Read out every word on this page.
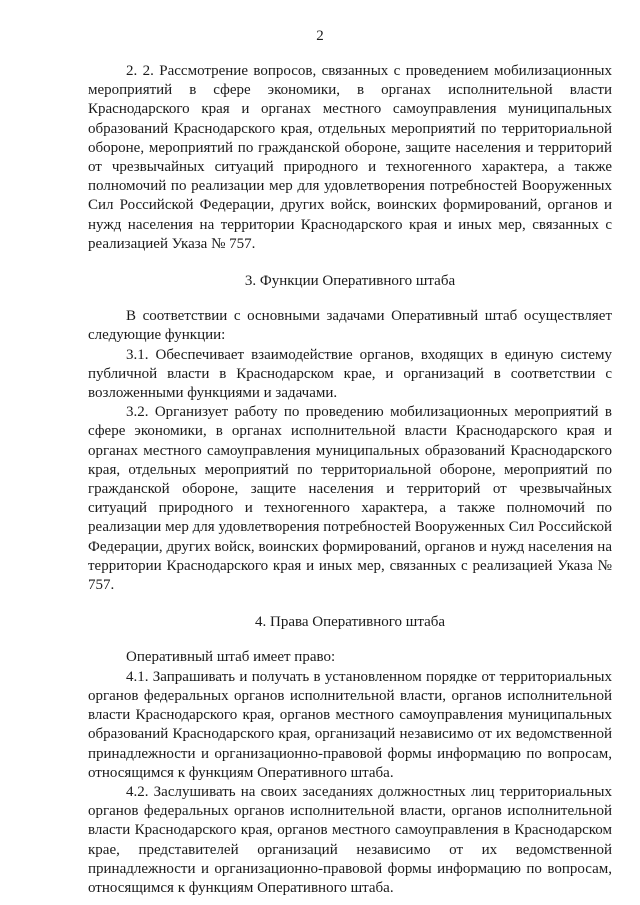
2

2. 2. Рассмотрение вопросов, связанных с проведением мобилизационных мероприятий в сфере экономики, в органах исполнительной власти Краснодарского края и органах местного самоуправления муниципальных образований Краснодарского края, отдельных мероприятий по территориальной обороне, мероприятий по гражданской обороне, защите населения и территорий от чрезвычайных ситуаций природного и техногенного характера, а также полномочий по реализации мер для удовлетворения потребностей Вооруженных Сил Российской Федерации, других войск, воинских формирований, органов и нужд населения на территории Краснодарского края и иных мер, связанных с реализацией Указа № 757.

3. Функции Оперативного штаба

В соответствии с основными задачами Оперативный штаб осуществляет следующие функции:

3.1. Обеспечивает взаимодействие органов, входящих в единую систему публичной власти в Краснодарском крае, и организаций в соответствии с возложенными функциями и задачами.

3.2. Организует работу по проведению мобилизационных мероприятий в сфере экономики, в органах исполнительной власти Краснодарского края и органах местного самоуправления муниципальных образований Краснодарского края, отдельных мероприятий по территориальной обороне, мероприятий по гражданской обороне, защите населения и территорий от чрезвычайных ситуаций природного и техногенного характера, а также полномочий по реализации мер для удовлетворения потребностей Вооруженных Сил Российской Федерации, других войск, воинских формирований, органов и нужд населения на территории Краснодарского края и иных мер, связанных с реализацией Указа № 757.

4. Права Оперативного штаба

Оперативный штаб имеет право:

4.1. Запрашивать и получать в установленном порядке от территориальных органов федеральных органов исполнительной власти, органов исполнительной власти Краснодарского края, органов местного самоуправления муниципальных образований Краснодарского края, организаций независимо от их ведомственной принадлежности и организационно-правовой формы информацию по вопросам, относящимся к функциям Оперативного штаба.

4.2. Заслушивать на своих заседаниях должностных лиц территориальных органов федеральных органов исполнительной власти, органов исполнительной власти Краснодарского края, органов местного самоуправления в Краснодарском крае, представителей организаций независимо от их ведомственной принадлежности и организационно-правовой формы информацию по вопросам, относящимся к функциям Оперативного штаба.
